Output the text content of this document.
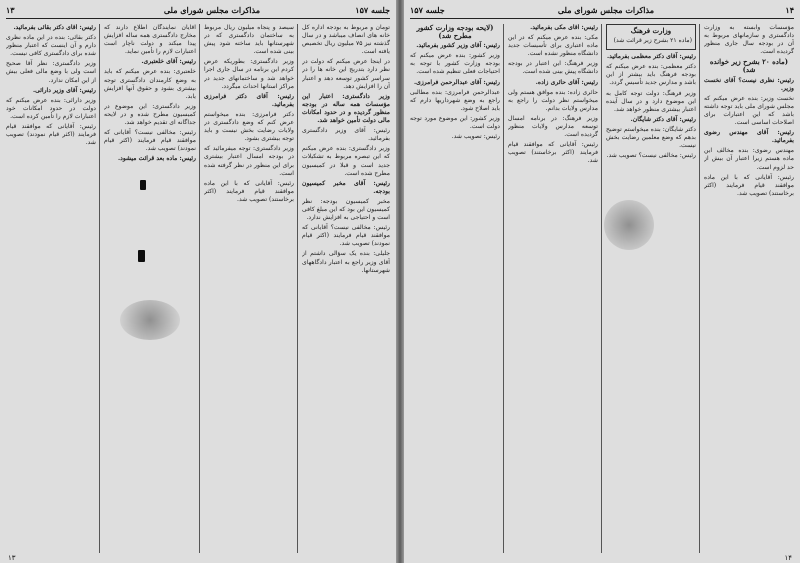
جلسه ۱۵۷
مذاکرات مجلس شورای ملی
۱۳

تومان و مربوط به بودجه اداره کل خانه های انصاف میباشد و در سال گذشته نیز ۷۵ میلیون ریال تخصیص یافته است.

در اینجا عرض میکنم که دولت در نظر دارد بتدریج این خانه ها را در سراسر کشور توسعه دهد و اعتبار آن را افزایش دهد.

وزیر دادگستری: اعتبار این مؤسسات همه ساله در بودجه منظور گردیده و در حدود امکانات مالی دولت تأمین خواهد شد.

رئیس: آقای وزیر دادگستری بفرمائید.

وزیر دادگستری: بنده عرض میکنم که این تبصره مربوط به تشکیلات جدید است و قبلا در کمیسیون مطرح شده است.

رئیس: آقای مخبر کمیسیون بودجه.

مخبر کمیسیون بودجه: نظر کمیسیون این بود که این مبلغ کافی است و احتیاجی به افزایش ندارد.

رئیس: مخالفی نیست؟ آقایانی که موافقند قیام فرمایند (اکثر قیام نمودند) تصویب شد.

جلیلی: بنده یک سؤالی داشتم از آقای وزیر راجع به اعتبار دادگاههای شهرستانها.

سیصد و پنجاه میلیون ریال مربوط به ساختمان دادگستری که در شهرستانها باید ساخته شود پیش بینی شده است.

وزیر دادگستری: بطوریکه عرض کردم این برنامه در سال جاری اجرا خواهد شد و ساختمانهای جدید در مراکز استانها احداث میگردد.

رئیس: آقای دکتر فرامرزی بفرمائید.

دکتر فرامرزی: بنده میخواستم عرض کنم که وضع دادگستری در ولایات رضایت بخش نیست و باید توجه بیشتری بشود.

وزیر دادگستری: توجه میفرمائید که در بودجه امسال اعتبار بیشتری برای این منظور در نظر گرفته شده است.

رئیس: آقایانی که با این ماده موافقند قیام فرمایند (اکثر برخاستند) تصویب شد.

آقایان نمایندگان اطلاع دارند که مخارج دادگستری همه ساله افزایش پیدا میکند و دولت ناچار است اعتبارات لازم را تأمین نماید.

رئیس: آقای خلعتبری.

خلعتبری: بنده عرض میکنم که باید به وضع کارمندان دادگستری توجه بیشتری بشود و حقوق آنها افزایش یابد.

وزیر دادگستری: این موضوع در کمیسیون مطرح شده و در لایحه جداگانه ای تقدیم خواهد شد.

رئیس: مخالفی نیست؟ آقایانی که موافقند قیام فرمایند (اکثر قیام نمودند) تصویب شد.

رئیس: ماده بعد قرائت میشود.

رئیس: آقای دکتر بقائی بفرمائید.

دکتر بقائی: بنده در این ماده نظری دارم و آن اینست که اعتبار منظور شده برای دادگستری کافی نیست.

وزیر دادگستری: نظر آقا صحیح است ولی با وضع مالی فعلی بیش از این امکان ندارد.

رئیس: آقای وزیر دارائی.

وزیر دارائی: بنده عرض میکنم که دولت در حدود امکانات خود اعتبارات لازم را تأمین کرده است.

رئیس: آقایانی که موافقند قیام فرمایند (اکثر قیام نمودند) تصویب شد.

۱۳
۱۴
مذاکرات مجلس شورای ملی
جلسه ۱۵۷

مؤسسات وابسته به وزارت دادگستری و سازمانهای مربوط به آن در بودجه سال جاری منظور گردیده است.

(ماده ۲۰ بشرح زیر خوانده شد)

رئیس: نظری نیست؟ آقای نخست وزیر.

نخست وزیر: بنده عرض میکنم که مجلس شورای ملی باید توجه داشته باشد که این اعتبارات برای اصلاحات اساسی است.

رئیس: آقای مهندس رضوی بفرمائید.

مهندس رضوی: بنده مخالف این ماده هستم زیرا اعتبار آن بیش از حد لزوم است.

رئیس: آقایانی که با این ماده موافقند قیام فرمایند (اکثر برخاستند) تصویب شد.

وزارت فرهنگ

(ماده ۲۱ بشرح زیر قرائت شد)

رئیس: آقای دکتر معظمی بفرمائید.

دکتر معظمی: بنده عرض میکنم که بودجه فرهنگ باید بیشتر از این باشد و مدارس جدید تأسیس گردد.

وزیر فرهنگ: دولت توجه کامل به این موضوع دارد و در سال آینده اعتبار بیشتری منظور خواهد شد.

رئیس: آقای دکتر شایگان.

دکتر شایگان: بنده میخواستم توضیح بدهم که وضع معلمین رضایت بخش نیست.

رئیس: مخالفی نیست؟ تصویب شد.

رئیس: آقای مکی بفرمائید.

مکی: بنده عرض میکنم که در این ماده اعتباری برای تأسیسات جدید دانشگاه منظور نشده است.

وزیر فرهنگ: این اعتبار در بودجه دانشگاه پیش بینی شده است.

رئیس: آقای حائری زاده.

حائری زاده: بنده موافق هستم ولی میخواستم نظر دولت را راجع به مدارس ولایات بدانم.

وزیر فرهنگ: در برنامه امسال توسعه مدارس ولایات منظور گردیده است.

رئیس: آقایانی که موافقند قیام فرمایند (اکثر برخاستند) تصویب شد.

(لایحه بودجه وزارت کشور مطرح شد)

رئیس: آقای وزیر کشور بفرمائید.

وزیر کشور: بنده عرض میکنم که بودجه وزارت کشور با توجه به احتیاجات فعلی تنظیم شده است.

رئیس: آقای عبدالرحمن فرامرزی.

عبدالرحمن فرامرزی: بنده مطالبی راجع به وضع شهرداریها دارم که باید اصلاح شود.

وزیر کشور: این موضوع مورد توجه دولت است.

رئیس: تصویب شد.

۱۴
